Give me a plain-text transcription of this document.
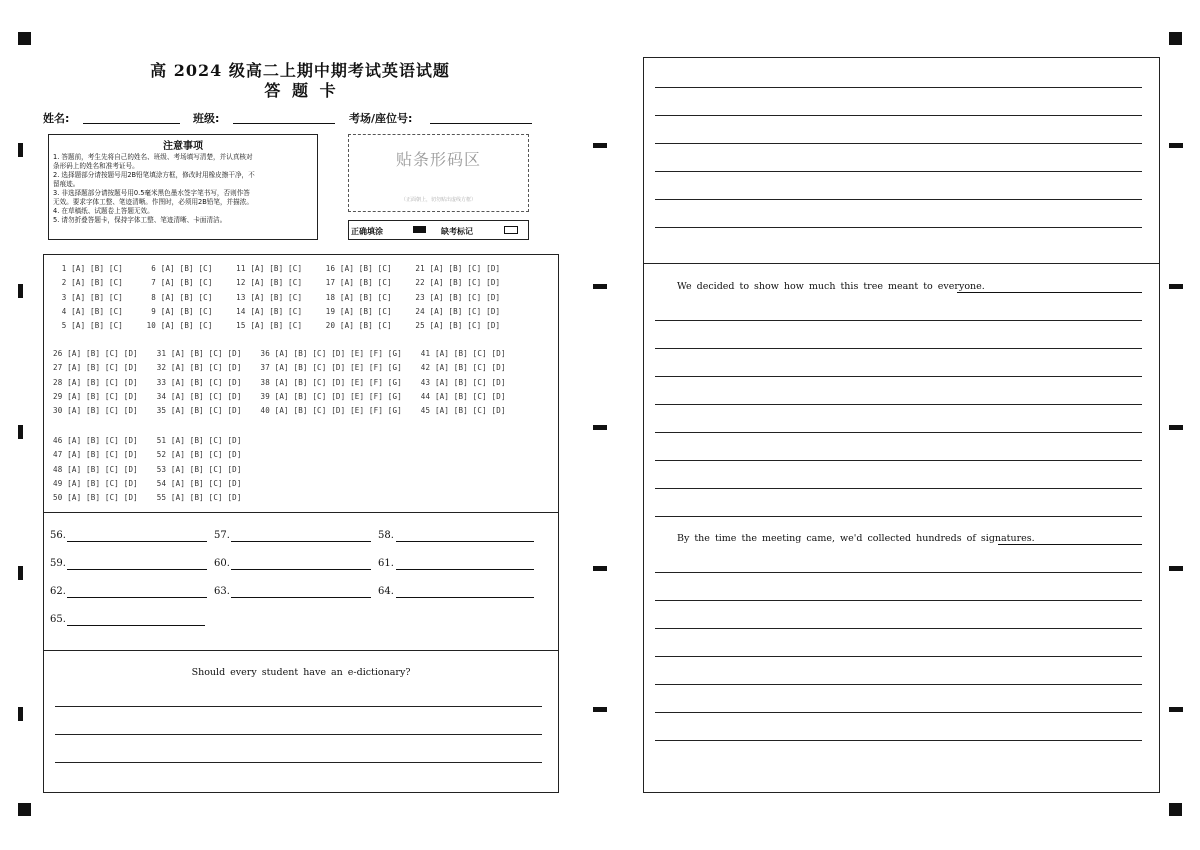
高 2024 级高二上期中期考试英语试题
答 题 卡
姓名:	班级:	考场/座位号:
注意事项
1. 答题前，考生先将自己的姓名、班级、考场填写清楚，并认真核对
条形码上的姓名和准考证号。
2. 选择题部分请按题号用2B铅笔填涂方框，修改时用橡皮擦干净，不
留痕迹。
3. 非选择题部分请按题号用0.5毫米黑色墨水签字笔书写，否则作答
无效。要求字体工整、笔迹清晰。作图时，必须用2B铅笔，并描浓。
4. 在草稿纸、试题卷上答题无效。
5. 请勿折叠答题卡，保持字体工整、笔迹清晰、卡面清洁。
贴条形码区
（正面朝上，切勿贴出虚线方框）
正确填涂	缺考标记
1 [A] [B] [C]      6 [A] [B] [C]     11 [A] [B] [C]     16 [A] [B] [C]     21 [A] [B] [C] [D]
2 [A] [B] [C]      7 [A] [B] [C]     12 [A] [B] [C]     17 [A] [B] [C]     22 [A] [B] [C] [D]
3 [A] [B] [C]      8 [A] [B] [C]     13 [A] [B] [C]     18 [A] [B] [C]     23 [A] [B] [C] [D]
4 [A] [B] [C]      9 [A] [B] [C]     14 [A] [B] [C]     19 [A] [B] [C]     24 [A] [B] [C] [D]
5 [A] [B] [C]     10 [A] [B] [C]     15 [A] [B] [C]     20 [A] [B] [C]     25 [A] [B] [C] [D]
26 [A] [B] [C] [D]    31 [A] [B] [C] [D]    36 [A] [B] [C] [D] [E] [F] [G]    41 [A] [B] [C] [D]
27 [A] [B] [C] [D]    32 [A] [B] [C] [D]    37 [A] [B] [C] [D] [E] [F] [G]    42 [A] [B] [C] [D]
28 [A] [B] [C] [D]    33 [A] [B] [C] [D]    38 [A] [B] [C] [D] [E] [F] [G]    43 [A] [B] [C] [D]
29 [A] [B] [C] [D]    34 [A] [B] [C] [D]    39 [A] [B] [C] [D] [E] [F] [G]    44 [A] [B] [C] [D]
30 [A] [B] [C] [D]    35 [A] [B] [C] [D]    40 [A] [B] [C] [D] [E] [F] [G]    45 [A] [B] [C] [D]
46 [A] [B] [C] [D]    51 [A] [B] [C] [D]
47 [A] [B] [C] [D]    52 [A] [B] [C] [D]
48 [A] [B] [C] [D]    53 [A] [B] [C] [D]
49 [A] [B] [C] [D]    54 [A] [B] [C] [D]
50 [A] [B] [C] [D]    55 [A] [B] [C] [D]
56.	57.	58.
59.	60.	61.
62.	63.	64.
65.
Should every student have an e-dictionary?
We decided to show how much this tree meant to everyone.
By the time the meeting came, we'd collected hundreds of signatures.
